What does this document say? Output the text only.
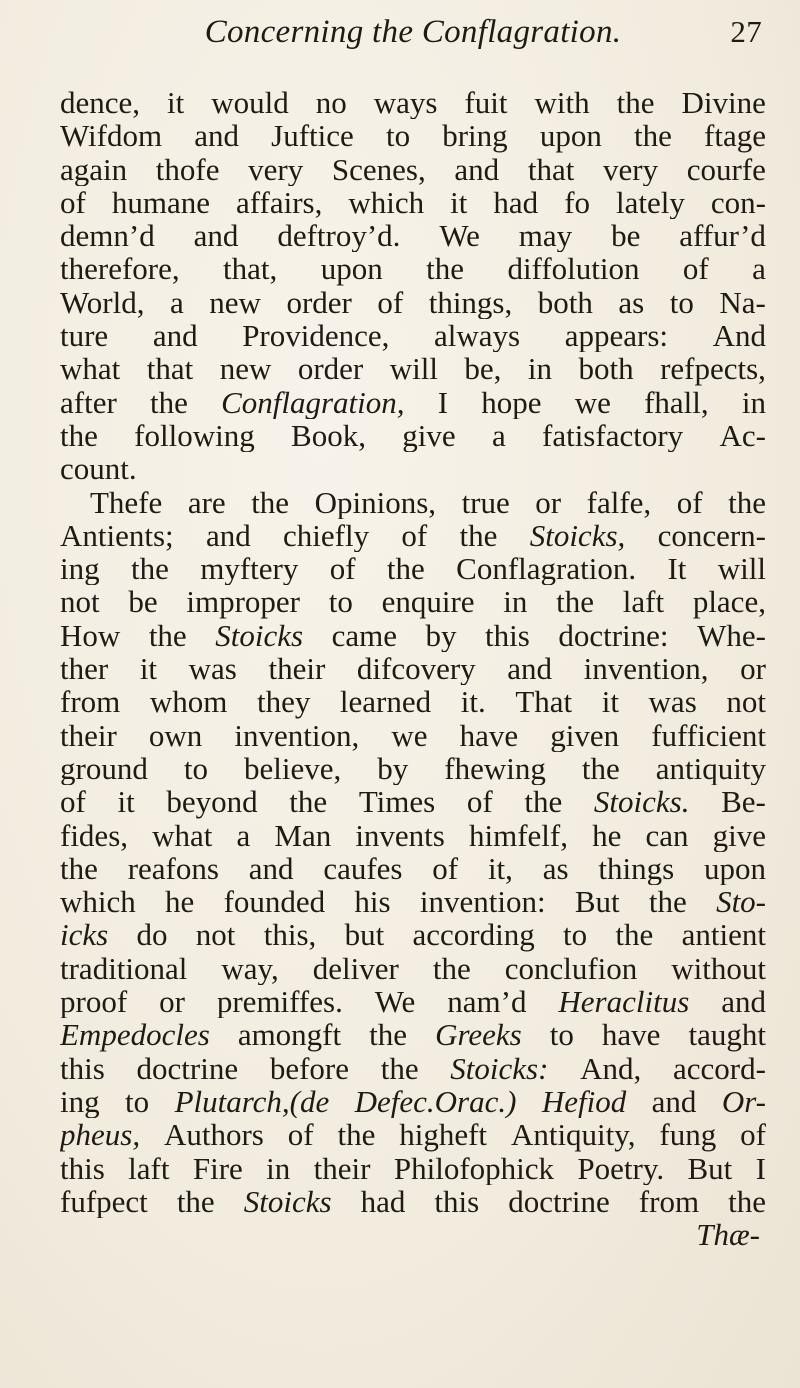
Concerning the Conflagration.	27
dence, it would no ways fuit with the Divine
Wifdom and Juftice to bring upon the ftage
again thofe very Scenes, and that very courfe
of humane affairs, which it had fo lately con-
demn’d and deftroy’d. We may be affur’d
therefore, that, upon the diffolution of a
World, a new order of things, both as to Na-
ture and Providence, always appears: And
what that new order will be, in both refpects,
after the Conflagration, I hope we fhall, in
the following Book, give a fatisfactory Ac-
count.
Thefe are the Opinions, true or falfe, of the
Antients; and chiefly of the Stoicks, concern-
ing the myftery of the Conflagration. It will
not be improper to enquire in the laft place,
How the Stoicks came by this doctrine: Whe-
ther it was their difcovery and invention, or
from whom they learned it. That it was not
their own invention, we have given fufficient
ground to believe, by fhewing the antiquity
of it beyond the Times of the Stoicks. Be-
fides, what a Man invents himfelf, he can give
the reafons and caufes of it, as things upon
which he founded his invention: But the Sto-
icks do not this, but according to the antient
traditional way, deliver the conclufion without
proof or premiffes. We nam’d Heraclitus and
Empedocles amongft the Greeks to have taught
this doctrine before the Stoicks: And, accord-
ing to Plutarch,(de Defec.Orac.) Hefiod and Or-
pheus, Authors of the higheft Antiquity, fung of
this laft Fire in their Philofophick Poetry. But I
fufpect the Stoicks had this doctrine from the
Thæ-
